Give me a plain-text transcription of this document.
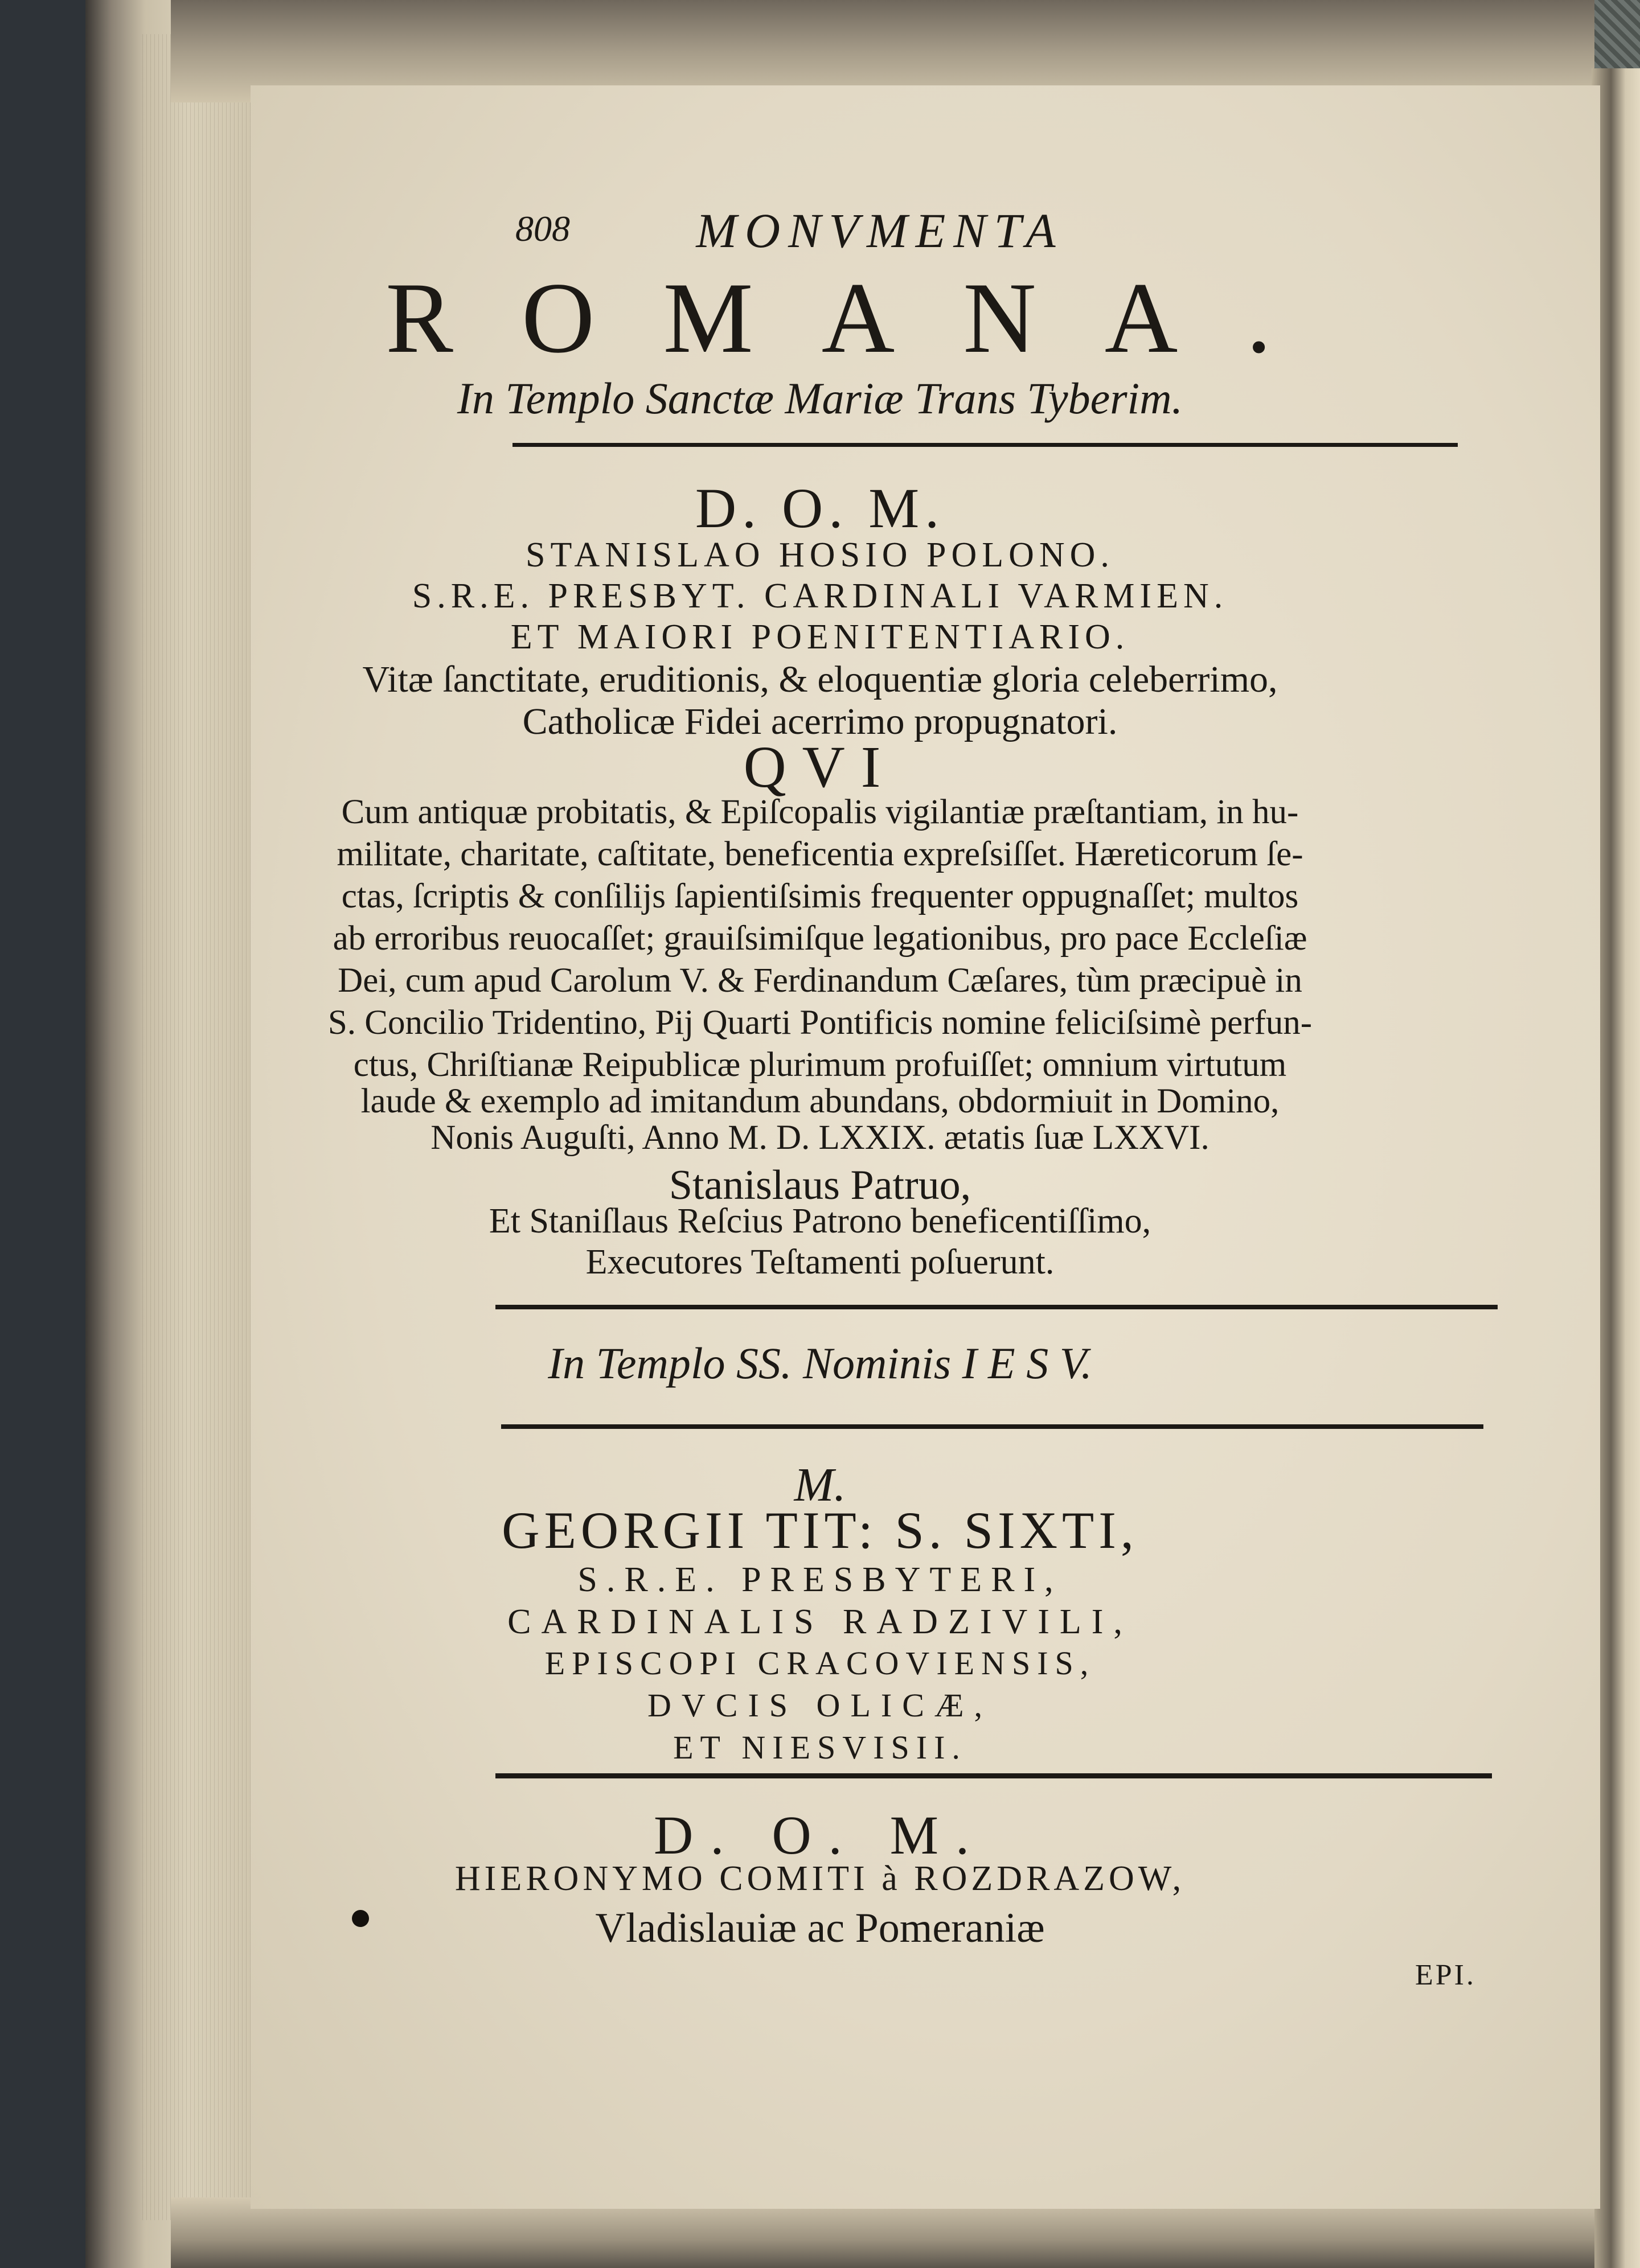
808	MONVMENTA
ROMANA.
In Templo Sanctæ Mariæ Trans Tyberim.
D. O. M.
STANISLAO HOSIO POLONO.
S.R.E. PRESBYT. CARDINALI VARMIEN.
ET MAIORI POENITENTIARIO.
Vitæ ſanctitate, eruditionis, & eloquentiæ gloria celeberrimo,
Catholicæ Fidei acerrimo propugnatori.
QVI
Cum antiquæ probitatis, & Epiſcopalis vigilantiæ præſtantiam, in hu-
militate, charitate, caſtitate, beneficentia expreſsiſſet. Hæreticorum ſe-
ctas, ſcriptis & conſilijs ſapientiſsimis frequenter oppugnaſſet; multos
ab erroribus reuocaſſet; grauiſsimiſque legationibus, pro pace Eccleſiæ
Dei, cum apud Carolum V. & Ferdinandum Cæſares, tùm præcipuè in
S. Concilio Tridentino, Pij Quarti Pontificis nomine feliciſsimè perfun-
ctus, Chriſtianæ Reipublicæ plurimum profuiſſet; omnium virtutum
laude & exemplo ad imitandum abundans, obdormiuit in Domino,
Nonis Auguſti, Anno M. D. LXXIX. ætatis ſuæ LXXVI.
Stanislaus Patruo,
Et Staniſlaus Reſcius Patrono beneficentiſſimo,
Executores Teſtamenti poſuerunt.
In Templo SS. Nominis I E S V.
M.
GEORGII TIT: S. SIXTI,
S.R.E. PRESBYTERI,
CARDINALIS RADZIVILI,
EPISCOPI CRACOVIENSIS,
DVCIS OLICÆ,
ET NIESVISII.
D. O. M.
HIERONYMO COMITI à ROZDRAZOW,
Vladislauiæ ac Pomeraniæ
EPI.
